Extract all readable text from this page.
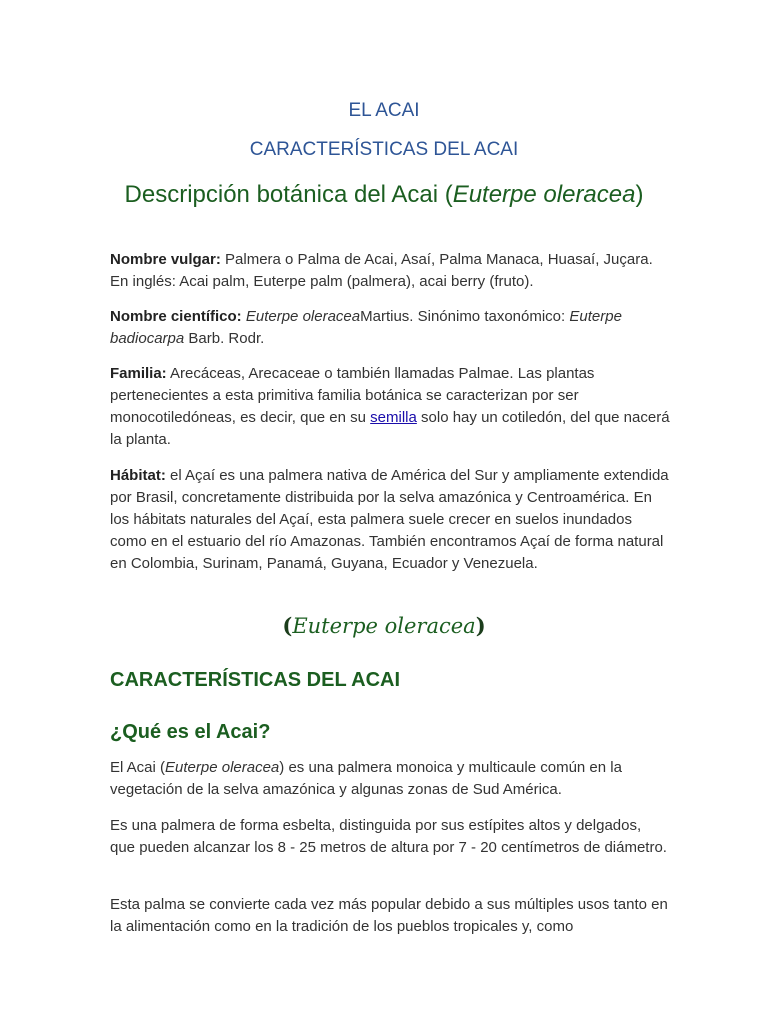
EL ACAI
CARACTERÍSTICAS DEL ACAI
Descripción botánica del Acai (Euterpe oleracea)

Nombre vulgar: Palmera o Palma de Acai, Asaí, Palma Manaca, Huasaí, Juçara. En inglés: Acai palm, Euterpe palm (palmera), acai berry (fruto).

Nombre científico: Euterpe oleraceaMartius. Sinónimo taxonómico: Euterpe badiocarpa Barb. Rodr.

Familia: Arecáceas, Arecaceae o también llamadas Palmae. Las plantas pertenecientes a esta primitiva familia botánica se caracterizan por ser monocotiledóneas, es decir, que en su semilla solo hay un cotiledón, del que nacerá la planta.

Hábitat: el Açaí es una palmera nativa de América del Sur y ampliamente extendida por Brasil, concretamente distribuida por la selva amazónica y Centroamérica. En los hábitats naturales del Açaí, esta palmera suele crecer en suelos inundados como en el estuario del río Amazonas. También encontramos Açaí de forma natural en Colombia, Surinam, Panamá, Guyana, Ecuador y Venezuela.

(Euterpe oleracea)
CARACTERÍSTICAS DEL ACAI
¿Qué es el Acai?

El Acai (Euterpe oleracea) es una palmera monoica y multicaule común en la vegetación de la selva amazónica y algunas zonas de Sud América.

Es una palmera de forma esbelta, distinguida por sus estípites altos y delgados, que pueden alcanzar los 8 - 25 metros de altura por 7 - 20 centímetros de diámetro.

Esta palma se convierte cada vez más popular debido a sus múltiples usos tanto en la alimentación como en la tradición de los pueblos tropicales y, como
